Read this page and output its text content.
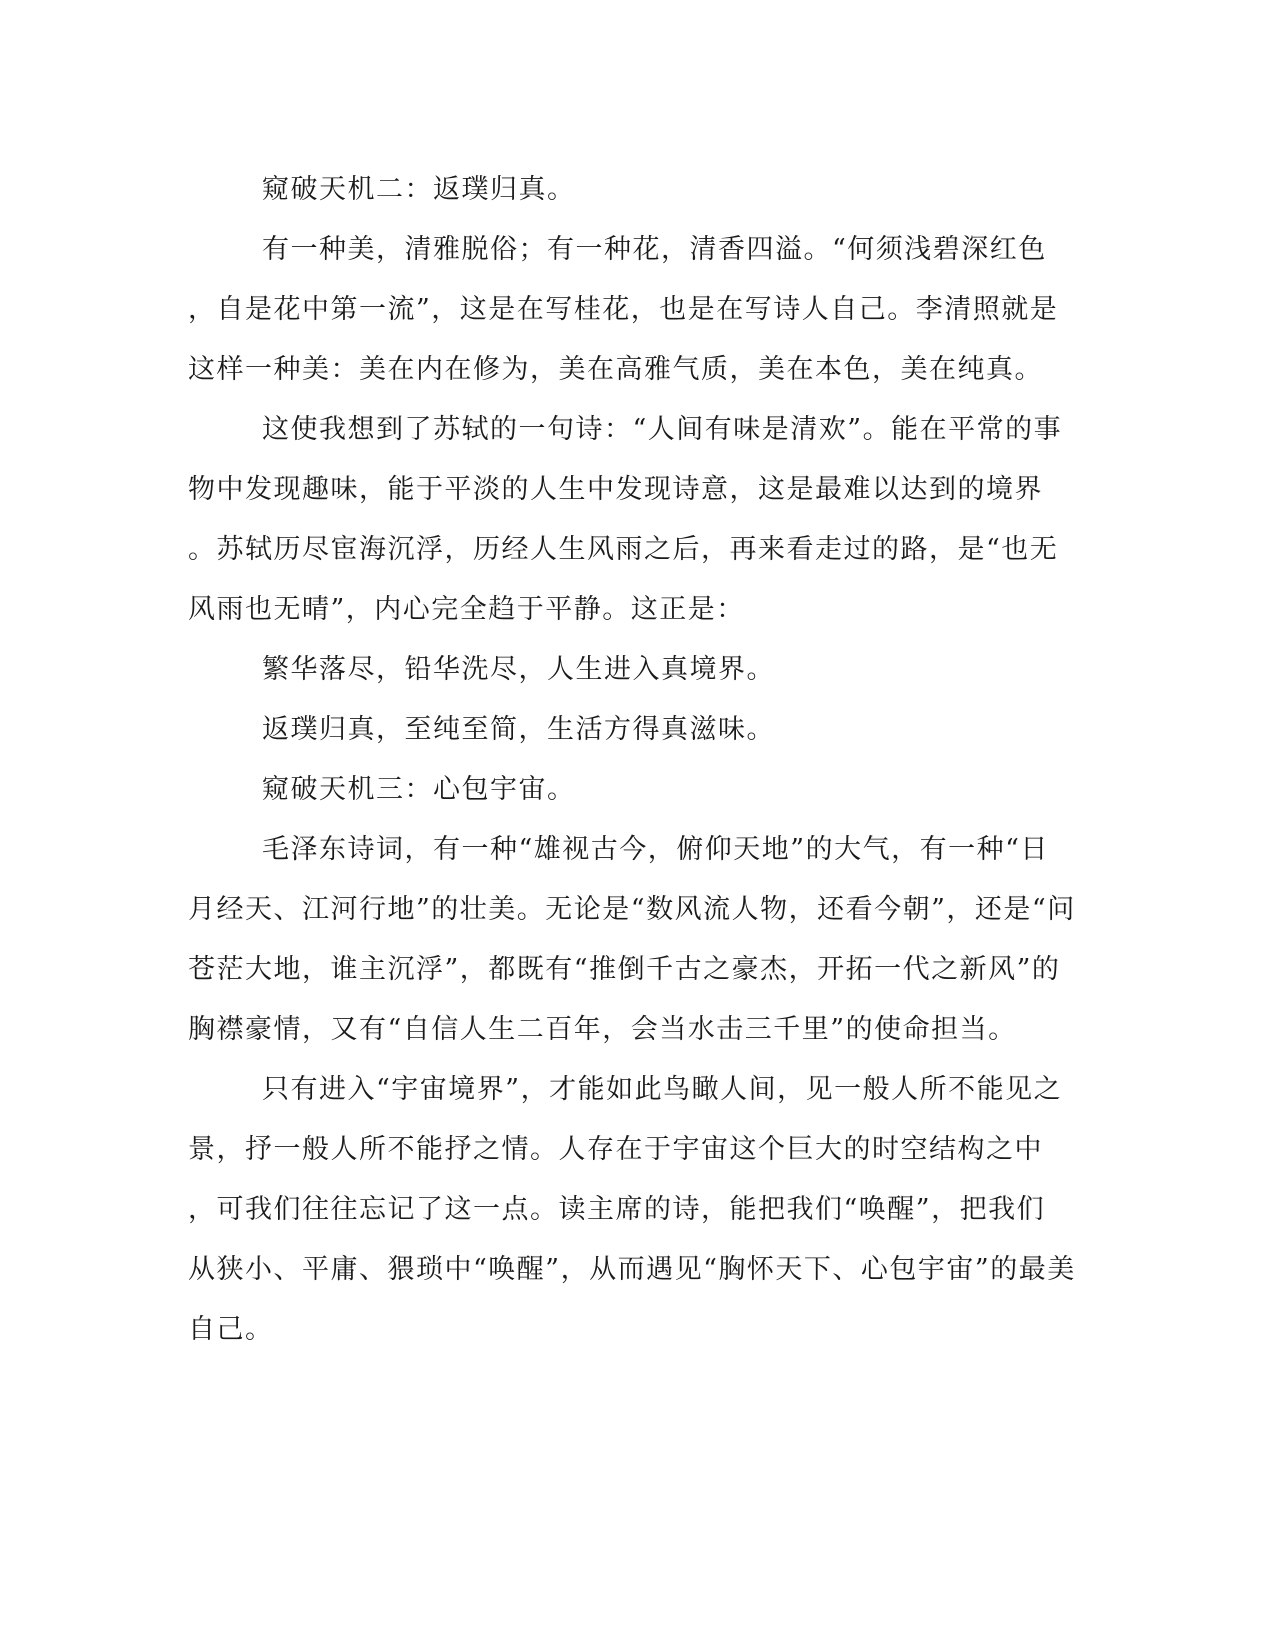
窥破天机二：返璞归真。
有一种美，清雅脱俗；有一种花，清香四溢。“何须浅碧深红色
，自是花中第一流”，这是在写桂花，也是在写诗人自己。李清照就是
这样一种美：美在内在修为，美在高雅气质，美在本色，美在纯真。
这使我想到了苏轼的一句诗：“人间有味是清欢”。能在平常的事
物中发现趣味，能于平淡的人生中发现诗意，这是最难以达到的境界
。苏轼历尽宦海沉浮，历经人生风雨之后，再来看走过的路，是“也无
风雨也无晴”，内心完全趋于平静。这正是：
繁华落尽，铅华洗尽，人生进入真境界。
返璞归真，至纯至简，生活方得真滋味。
窥破天机三：心包宇宙。
毛泽东诗词，有一种“雄视古今，俯仰天地”的大气，有一种“日
月经天、江河行地”的壮美。无论是“数风流人物，还看今朝”，还是“问
苍茫大地，谁主沉浮”，都既有“推倒千古之豪杰，开拓一代之新风”的
胸襟豪情，又有“自信人生二百年，会当水击三千里”的使命担当。
只有进入“宇宙境界”，才能如此鸟瞰人间，见一般人所不能见之
景，抒一般人所不能抒之情。人存在于宇宙这个巨大的时空结构之中
，可我们往往忘记了这一点。读主席的诗，能把我们“唤醒”，把我们
从狭小、平庸、猥琐中“唤醒”，从而遇见“胸怀天下、心包宇宙”的最美
自己。
